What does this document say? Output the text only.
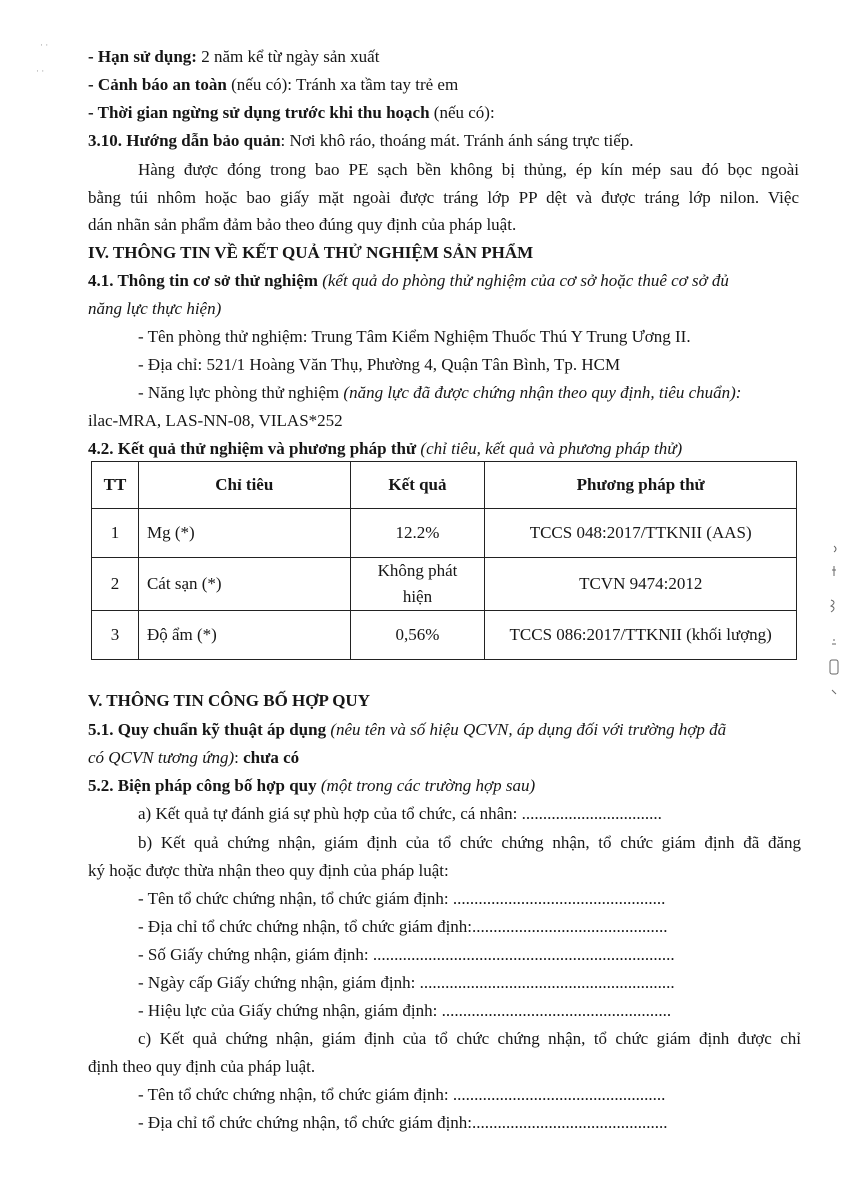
· ·
· ·
- Hạn sử dụng: 2 năm kể từ ngày sản xuất
- Cảnh báo an toàn (nếu có): Tránh xa tầm tay trẻ em
- Thời gian ngừng sử dụng trước khi thu hoạch (nếu có):
3.10. Hướng dẫn bảo quản: Nơi khô ráo, thoáng mát. Tránh ánh sáng trực tiếp.
Hàng được đóng trong bao PE sạch bền không bị thủng, ép kín mép sau đó bọc ngoài
bằng túi nhôm hoặc bao giấy mặt ngoài được tráng lớp PP dệt và được tráng lớp nilon. Việc
dán nhãn sản phẩm đảm bảo theo đúng quy định của pháp luật.
IV. THÔNG TIN VỀ KẾT QUẢ THỬ NGHIỆM SẢN PHẨM
4.1. Thông tin cơ sở thử nghiệm (kết quả do phòng thử nghiệm của cơ sở hoặc thuê cơ sở đủ
năng lực thực hiện)
- Tên phòng thử nghiệm: Trung Tâm Kiểm Nghiệm Thuốc Thú Y Trung Ương II.
- Địa chỉ: 521/1 Hoàng Văn Thụ, Phường 4, Quận Tân Bình, Tp. HCM
- Năng lực phòng thử nghiệm (năng lực đã được chứng nhận theo quy định, tiêu chuẩn):
ilac-MRA, LAS-NN-08, VILAS*252
4.2. Kết quả thử nghiệm và phương pháp thử (chỉ tiêu, kết quả và phương pháp thử)
TT	Chỉ tiêu	Kết quả	Phương pháp thử
1	Mg (*)	12.2%	TCCS 048:2017/TTKNII (AAS)
2	Cát sạn (*)	Không phát
hiện	TCVN 9474:2012
3	Độ ẩm (*)	0,56%	TCCS 086:2017/TTKNII (khối lượng)
V. THÔNG TIN CÔNG BỐ HỢP QUY
5.1. Quy chuẩn kỹ thuật áp dụng (nêu tên và số hiệu QCVN, áp dụng đối với trường hợp đã
có QCVN tương ứng): chưa có
5.2. Biện pháp công bố hợp quy (một trong các trường hợp sau)
a) Kết quả tự đánh giá sự phù hợp của tổ chức, cá nhân: .................................
b) Kết quả chứng nhận, giám định của tổ chức chứng nhận, tổ chức giám định đã đăng
ký hoặc được thừa nhận theo quy định của pháp luật:
- Tên tổ chức chứng nhận, tổ chức giám định: ..................................................
- Địa chỉ tổ chức chứng nhận, tổ chức giám định:..............................................
- Số Giấy chứng nhận, giám định: .......................................................................
- Ngày cấp Giấy chứng nhận, giám định: ............................................................
- Hiệu lực của Giấy chứng nhận, giám định: ......................................................
c) Kết quả chứng nhận, giám định của tổ chức chứng nhận, tổ chức giám định được chỉ
định theo quy định của pháp luật.
- Tên tổ chức chứng nhận, tổ chức giám định: ..................................................
- Địa chỉ tổ chức chứng nhận, tổ chức giám định:..............................................
